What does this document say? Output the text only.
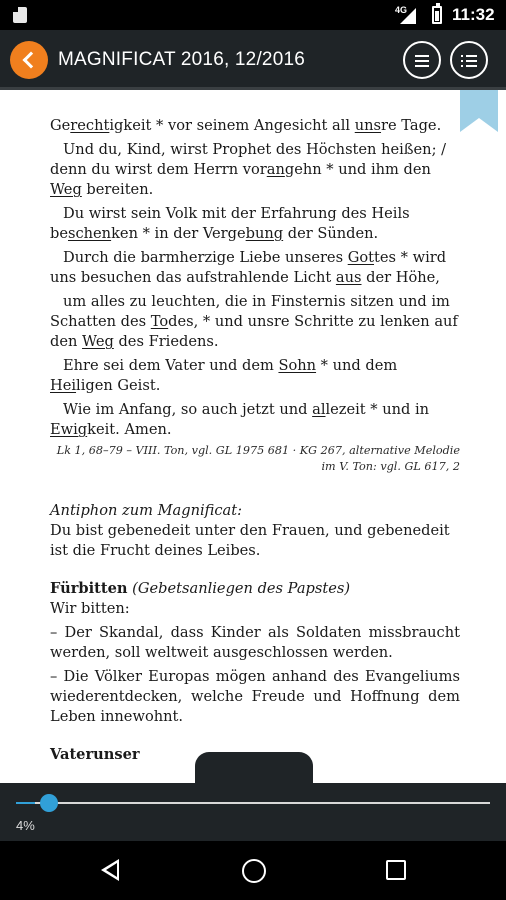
4G	11:32
MAGNIFICAT 2016, 12/2016

Gerechtigkeit * vor seinem Angesicht all unsre Tage.

Und du, Kind, wirst Prophet des Höchsten heißen; / denn du wirst dem Herrn vorangehn * und ihm den Weg bereiten.

Du wirst sein Volk mit der Erfahrung des Heils beschenken * in der Vergebung der Sünden.

Durch die barmherzige Liebe unseres Gottes * wird uns besuchen das aufstrahlende Licht aus der Höhe,

um alles zu leuchten, die in Finsternis sitzen und im Schatten des Todes, * und unsre Schritte zu lenken auf den Weg des Friedens.

Ehre sei dem Vater und dem Sohn * und dem Heiligen Geist.

Wie im Anfang, so auch jetzt und allezeit * und in Ewigkeit. Amen.

Lk 1, 68–79 – VIII. Ton, vgl. GL 1975 681 · KG 267, alternative Melodie im V. Ton: vgl. GL 617, 2

Antiphon zum Magnificat:

Du bist gebenedeit unter den Frauen, und gebenedeit ist die Frucht deines Leibes.

Fürbitten (Gebetsanliegen des Papstes)

Wir bitten:

– Der Skandal, dass Kinder als Soldaten missbraucht werden, soll weltweit ausgeschlossen werden.

– Die Völker Europas mögen anhand des Evangeliums wiederentdecken, welche Freude und Hoffnung dem Leben innewohnt.

Vaterunser

4%
